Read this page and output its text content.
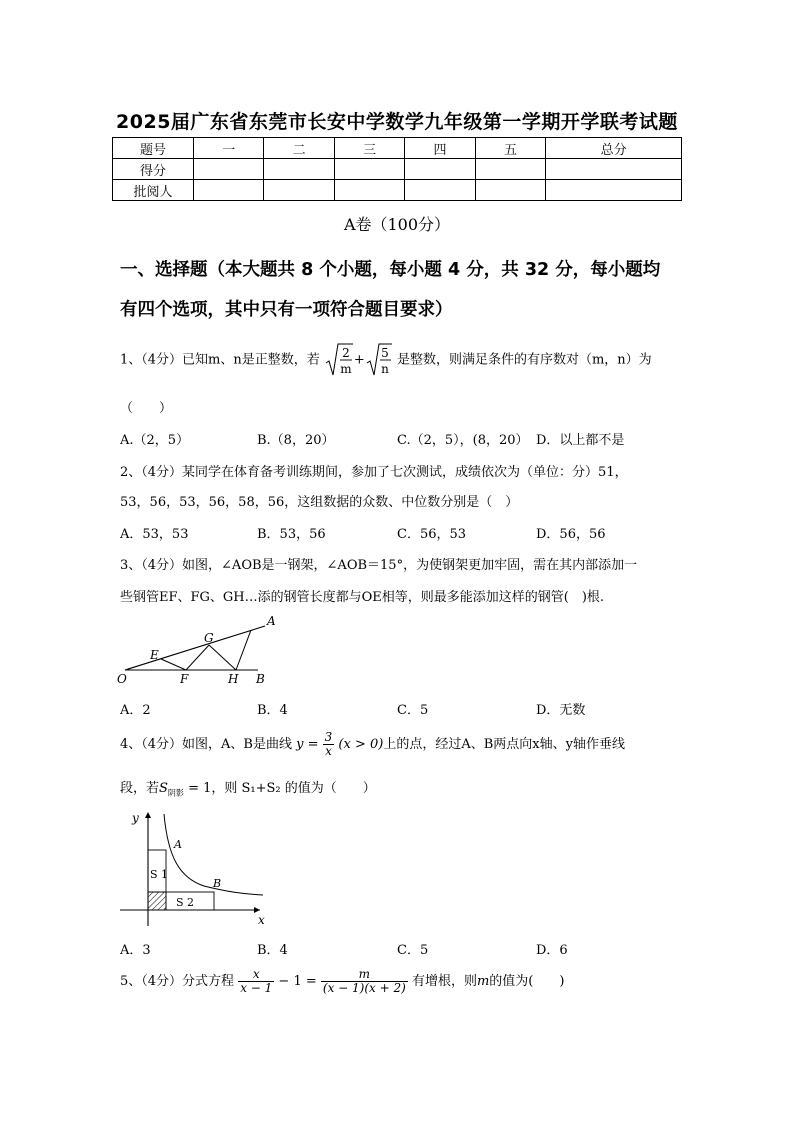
2025届广东省东莞市长安中学数学九年级第一学期开学联考试题
题号	一	二	三	四	五	总分
得分						
批阅人						
A卷（100分）
一、选择题（本大题共 8 个小题，每小题 4 分，共 32 分，每小题均
有四个选项，其中只有一项符合题目要求）
1、（4分）已知m、n是正整数，若 2
m
+ 5
n
是整数，则满足条件的有序数对（m，n）为
（　　）
A.（2，5）	B.（8，20）	C.（2，5），(8，20） D．以上都不是
2、（4分）某同学在体育备考训练期间，参加了七次测试，成绩依次为（单位：分）51，
53，56，53，56，58，56，这组数据的众数、中位数分别是（　）
A．53，53	B．53，56	C．56，53	D．56，56
3、（4分）如图，∠AOB是一钢架，∠AOB＝15°，为使钢架更加牢固，需在其内部添加一
些钢管EF、FG、GH…添的钢管长度都与OE相等，则最多能添加这样的钢管(　)根.
O
A
B
E
F
G
H
A．2	B．4	C．5	D．无数
4、（4分）如图，A、B是曲线 $y = \frac{3}{x} (x > 0)$上的点，经过A、B两点向x轴、y轴作垂线
段，若$S_{阴影} = 1$，则 S₁+S₂ 的值为（　　）
y
x
A
B
S 1
S 2
A．3	B．4	C．5	D．6
5、（4分）分式方程 $\frac{x}{x - 1} - 1 = \frac{m}{(x - 1)(x + 2)}$ 有增根，则m的值为(　　)
